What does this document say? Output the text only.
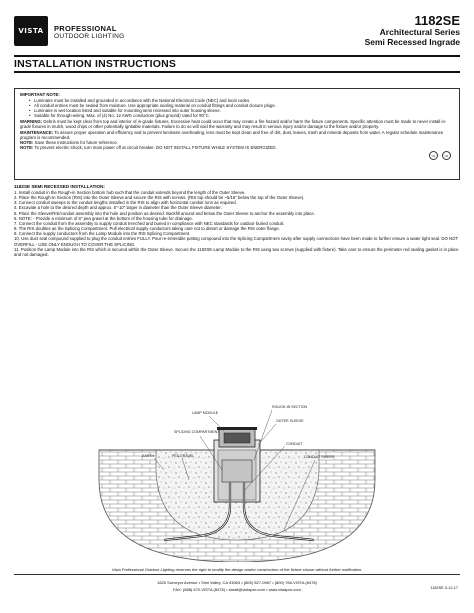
VISTA PROFESSIONAL
OUTDOOR LIGHTING
1182SE
Architectural Series
Semi Recessed Ingrade
INSTALLATION INSTRUCTIONS
IMPORTANT NOTE:
• Luminaire must be installed and grounded in accordance with the National Electrical Code (NEC) and local codes.
• All conduit entries must be sealed from moisture. Use appropriate sealing material on conduit fittings and conduit closure plugs.
• Luminaire is wet location listed and suitable for mounting semi recessed into outer housing sleeve.
• Suitable for through-wiring. Max. of (4) No. 12 AWG conductors (plus ground) rated for 90°C.

WARNING: Debris must be kept clear from top and interior of in-grade fixtures. Excessive heat could occur that may create a fire hazard and/or harm the fixture components. Specific attention must be made to never install in-grade fixtures in mulch, wood chips or other potentially ignitable materials. Failure to do so will void the warranty and may result in serious injury and/or damage to the fixture and/or property.

MAINTENANCE: To assure proper operation and efficiency and to prevent luminaire overheating, lens must be kept clean and free of dirt, dust, leaves, trash and mineral deposits from water. A regular schedule maintenance program is recommended.

NOTE: Save these instructions for future reference.

NOTE: To prevent electric shock, turn main power off at circuit breaker. DO NOT INSTALL FIXTURE WHILE SYSTEM IS ENERGIZED.

UL	UL
1182SE SEMI RECESSED INSTALLATION:

1. Install conduit in the Rough-in Section bottom hub such that the conduit extends beyond the length of the Outer Sleeve.

2. Place the Rough-In Section (RIS) into the Outer Sleeve and secure the RIS with screws. (RIS top should be ~5/16" below the top of the Outer Sleeve).

3. Connect conduit sweeps to the conduit lengths installed in the RIS to align with horizontal conduit runs as required.

4. Excavate a hole to the desired depth and approx. 6"-10" larger in diameter than the Outer Sleeve diameter.

5. Place the Sleeve/RIS/conduit assembly into the hole and position as desired. Backfill around and below the Outer Sleeve to anchor the assembly into place.

6. NOTE: - Provide a minimum of 6" pea gravel at the bottom of the housing tube for drainage.

7. Connect the conduit from the assembly to supply conduit trenched and buried in compliance with NEC standards for outdoor buried conduit.

8. The RIS doubles as the Splicing Compartment. Pull electrical supply conductors taking care not to distort or damage the RIS outer flange.

9. Connect the supply conductors from the Lamp Module into the RIS Splicing Compartment.

10. Use duct seal compound supplied to plug the conduit entries FULLY. Pour re-enterable potting compound into the Splicing Compartment cavity after supply connections have been made to further ensure a water tight seal. DO NOT OVERFILL - USE ONLY ENOUGH TO COVER THE SPLICING.

11. Position the Lamp Module into the RIS which is secured within the Outer Sleeve. Secure the 1182SE-Lamp Module to the RIS using two screws (supplied with fixture). Take care to ensure the perimeter red sealing gasket is in place and not damaged.

LAMP MODULE
ROUGH-IN SECTION
OUTER SLEEVE
SPLICING COMPARTMENT
CONDUIT
EARTH	PEA GRAVEL	CONDUIT SWEEP
Vista Professional Outdoor Lighting reserves the right to modify the design and/or construction of the fixture shown without further notification.
1625 Surveyor Avenue • Simi Valley, CA 93063 • (805) 527-0987 • (800) 766-VISTA (8478)
FAX: (888) 670-VISTA (8478) • email@vistapro.com • www.vistapro.com	1182SE-3-12-17
